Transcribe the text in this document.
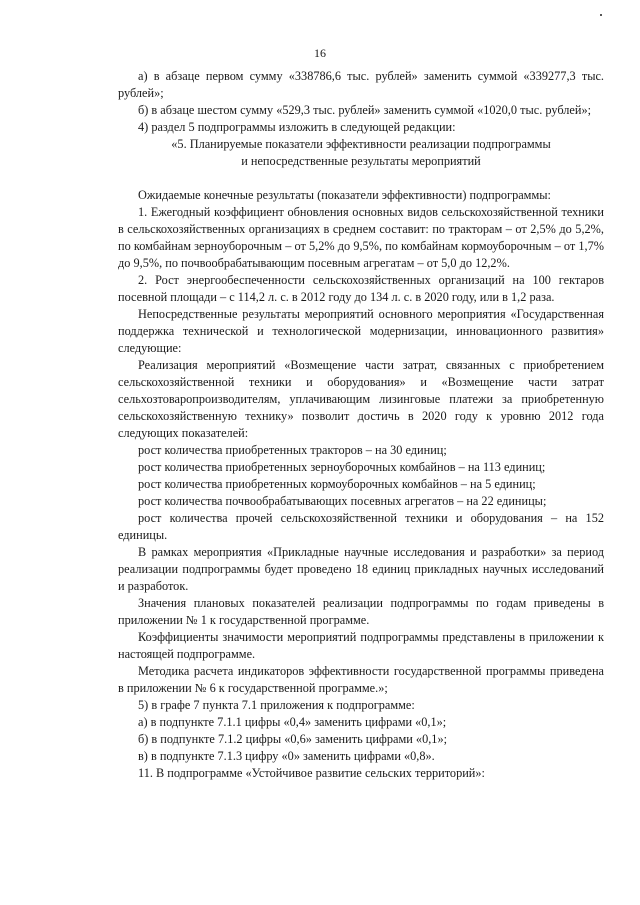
16

а) в абзаце первом сумму «338786,6 тыс. рублей» заменить суммой «339277,3 тыс. рублей»;

б) в абзаце шестом сумму «529,3 тыс. рублей» заменить суммой «1020,0 тыс. рублей»;

4) раздел 5 подпрограммы изложить в следующей редакции:

«5. Планируемые показатели эффективности реализации подпрограммы

и непосредственные результаты мероприятий

Ожидаемые конечные результаты (показатели эффективности) подпрограммы:

1. Ежегодный коэффициент обновления основных видов сельскохозяйственной техники в сельскохозяйственных организациях в среднем составит: по тракторам – от 2,5% до 5,2%, по комбайнам зерноуборочным – от 5,2% до 9,5%, по комбайнам кормоуборочным – от 1,7% до 9,5%, по почвообрабатывающим посевным агрегатам – от 5,0 до 12,2%.

2. Рост энергообеспеченности сельскохозяйственных организаций на 100 гектаров посевной площади – с 114,2 л. с. в 2012 году до 134 л. с. в 2020 году, или в 1,2 раза.

Непосредственные результаты мероприятий основного мероприятия «Государственная поддержка технической и технологической модернизации, инновационного развития» следующие:

Реализация мероприятий «Возмещение части затрат, связанных с приобретением сельскохозяйственной техники и оборудования» и «Возмещение части затрат сельхозтоваропроизводителям, уплачивающим лизинговые платежи за приобретенную сельскохозяйственную технику» позволит достичь в 2020 году к уровню 2012 года следующих показателей:

рост количества приобретенных тракторов – на 30 единиц;

рост количества приобретенных зерноуборочных комбайнов – на 113 единиц;

рост количества приобретенных кормоуборочных комбайнов – на 5 единиц;

рост количества почвообрабатывающих посевных агрегатов – на 22 единицы;

рост количества прочей сельскохозяйственной техники и оборудования – на 152 единицы.

В рамках мероприятия «Прикладные научные исследования и разработки» за период реализации подпрограммы будет проведено 18 единиц прикладных научных исследований и разработок.

Значения плановых показателей реализации подпрограммы по годам приведены в приложении № 1 к государственной программе.

Коэффициенты значимости мероприятий подпрограммы представлены в приложении к настоящей подпрограмме.

Методика расчета индикаторов эффективности государственной программы приведена в приложении № 6 к государственной программе.»;

5) в графе 7 пункта 7.1 приложения к подпрограмме:

а) в подпункте 7.1.1 цифры «0,4» заменить цифрами «0,1»;

б) в подпункте 7.1.2 цифры «0,6» заменить цифрами «0,1»;

в) в подпункте 7.1.3 цифру «0» заменить цифрами «0,8».

11. В подпрограмме «Устойчивое развитие сельских территорий»:
